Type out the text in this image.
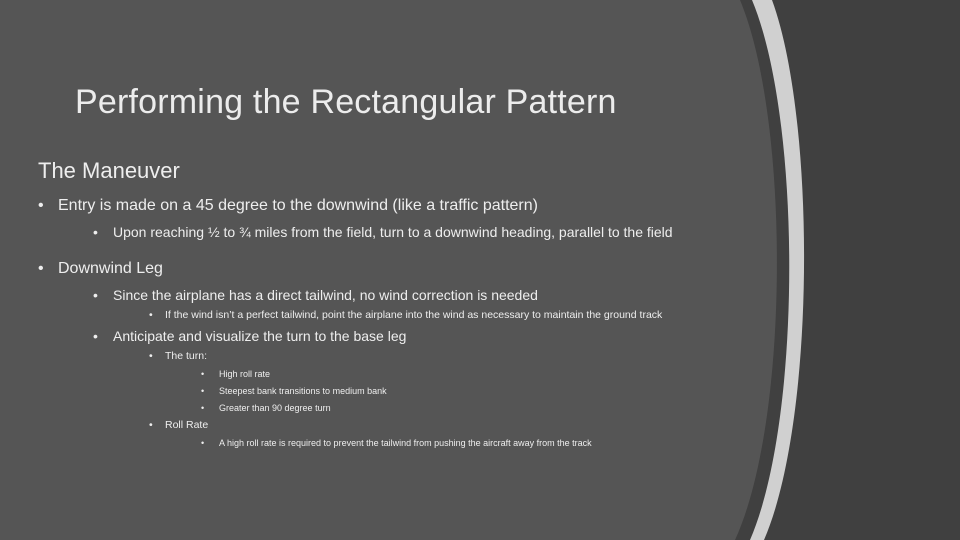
Performing the Rectangular Pattern
The Maneuver
• Entry is made on a 45 degree to the downwind (like a traffic pattern)
• Upon reaching ½ to ¾ miles from the field, turn to a downwind heading, parallel to the field
• Downwind Leg
• Since the airplane has a direct tailwind, no wind correction is needed
• If the wind isn’t a perfect tailwind, point the airplane into the wind as necessary to maintain the ground track
• Anticipate and visualize the turn to the base leg
• The turn:
• High roll rate
• Steepest bank transitions to medium bank
• Greater than 90 degree turn
• Roll Rate
• A high roll rate is required to prevent the tailwind from pushing the aircraft away from the track
